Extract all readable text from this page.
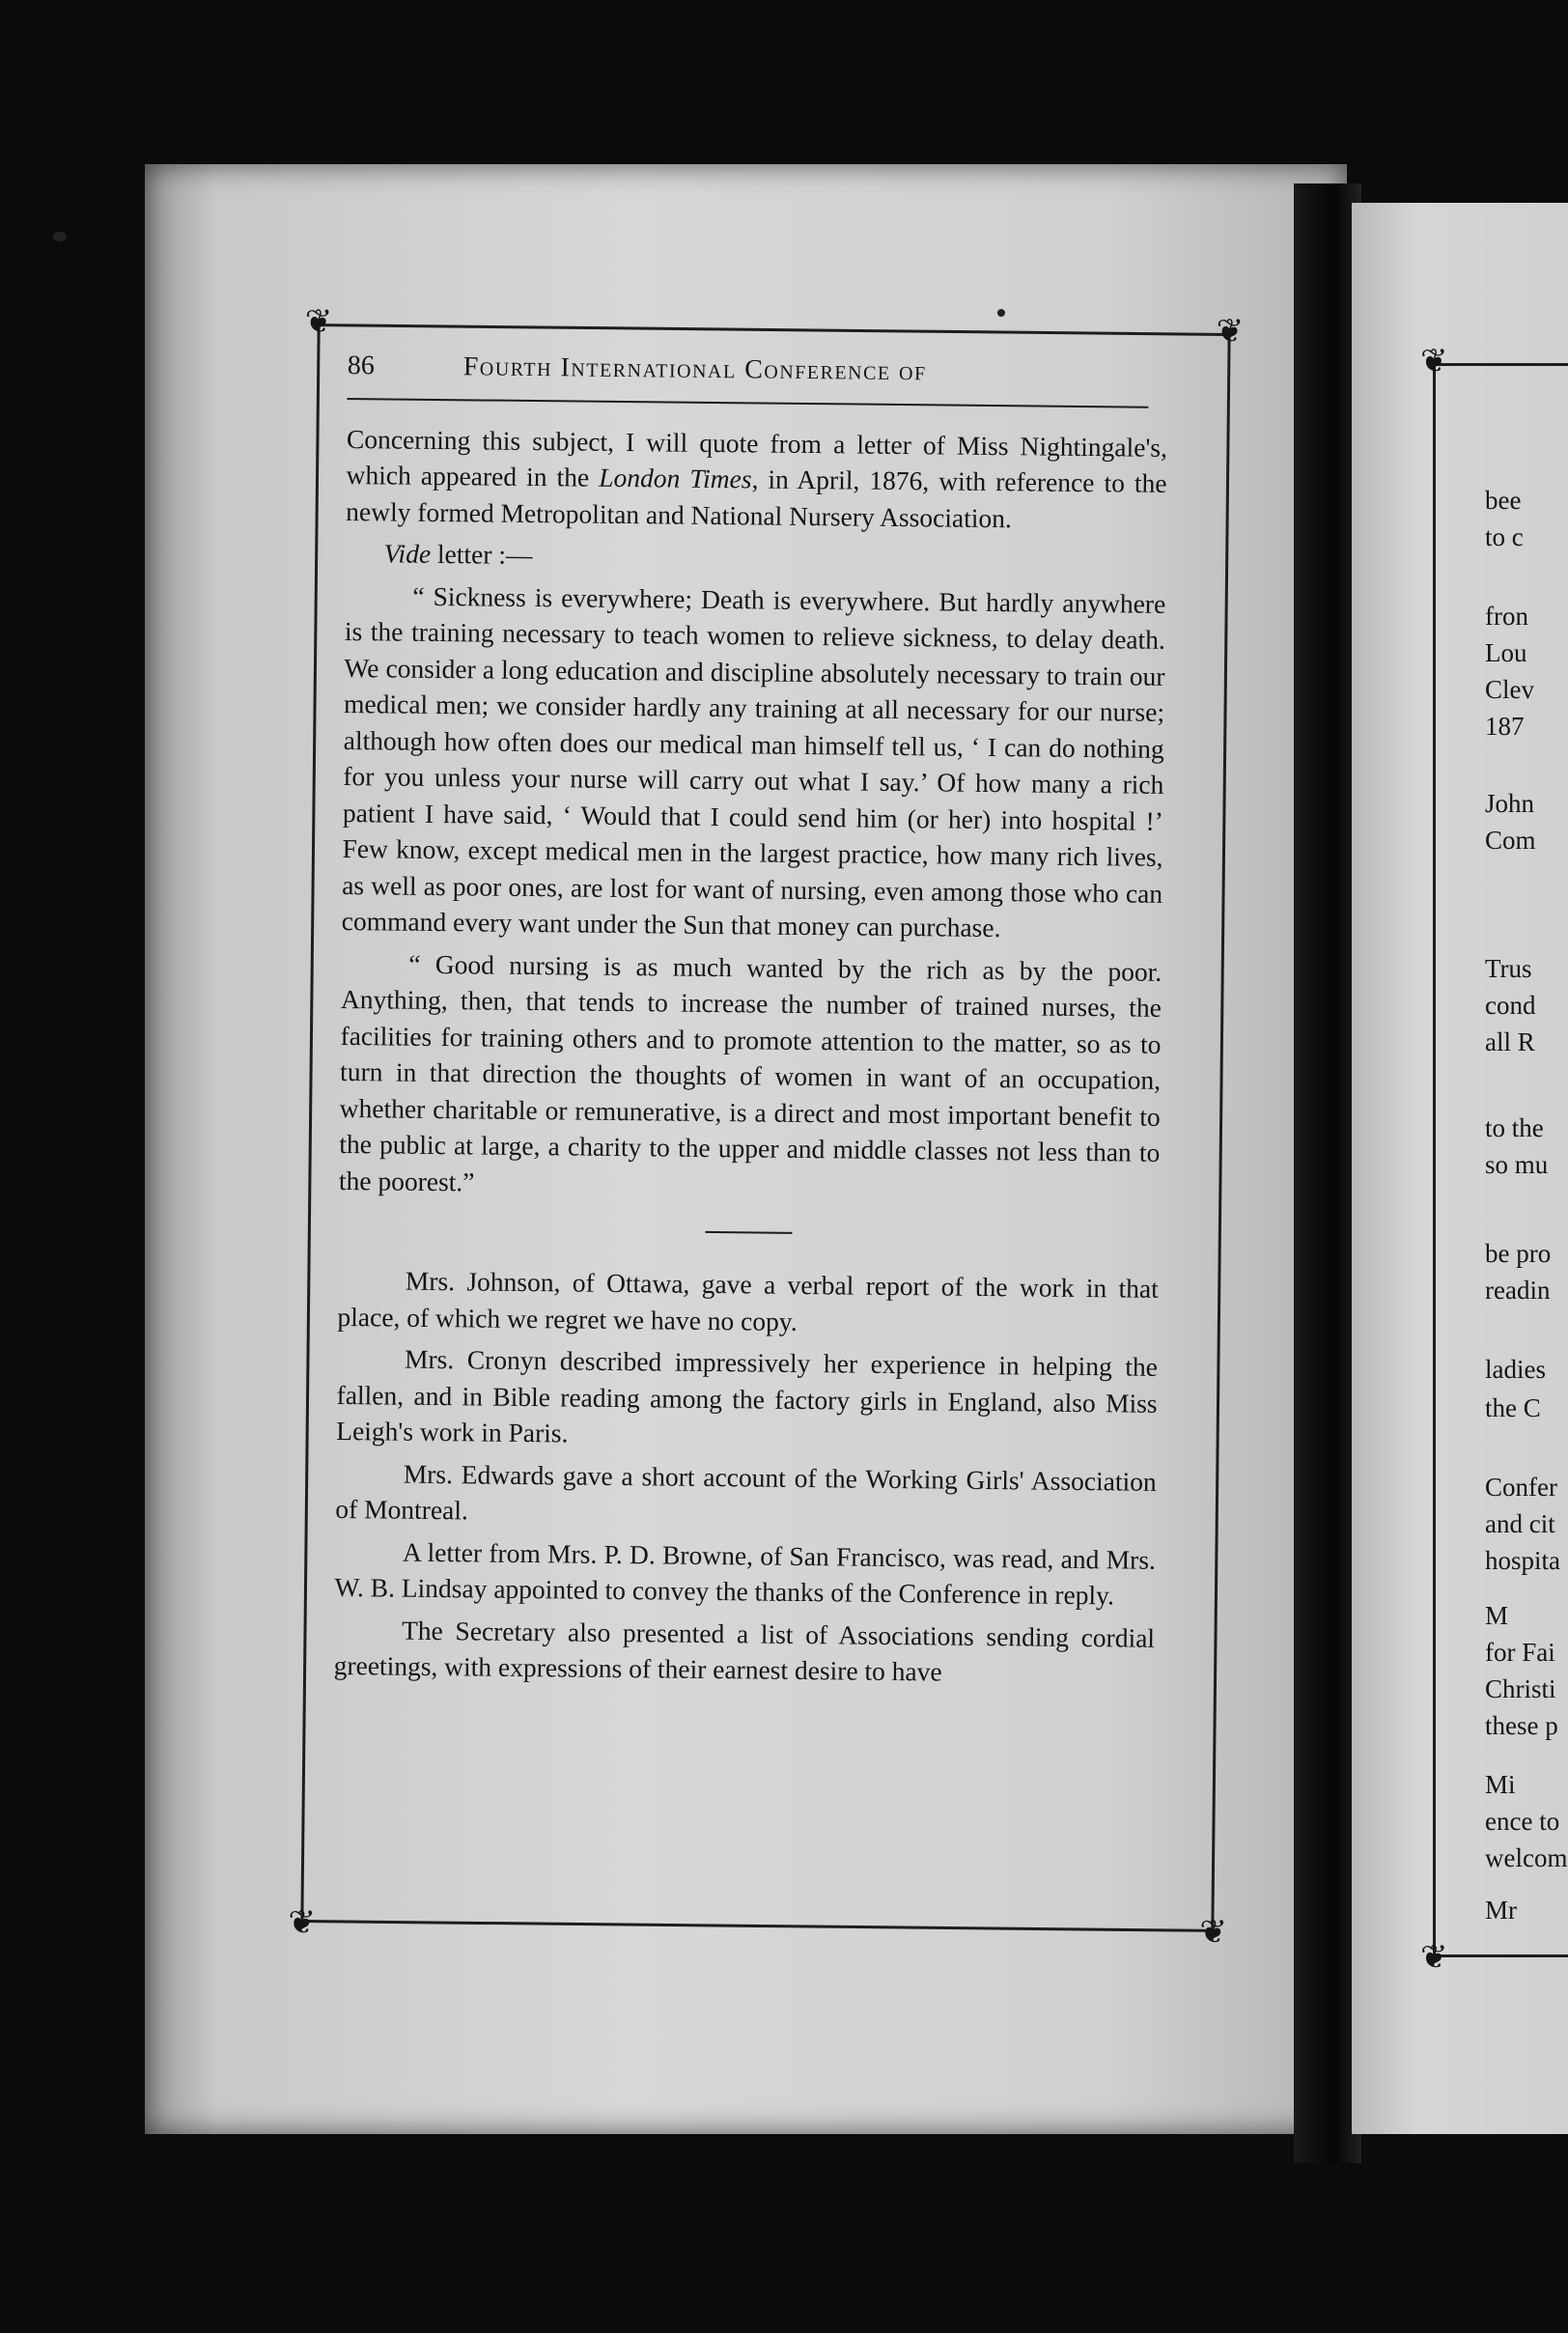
❦	❦
❦	❦
❦
❦
86	Fourth International Conference of

Concerning this subject, I will quote from a letter of Miss Nightingale's, which appeared in the London Times, in April, 1876, with reference to the newly formed Metropolitan and National Nursery Association.

Vide letter :—

“ Sickness is everywhere; Death is everywhere. But hardly anywhere is the training necessary to teach women to relieve sickness, to delay death. We consider a long education and discipline absolutely necessary to train our medical men; we consider hardly any training at all necessary for our nurse; although how often does our medical man himself tell us, ‘ I can do nothing for you unless your nurse will carry out what I say.’ Of how many a rich patient I have said, ‘ Would that I could send him (or her) into hospital !’ Few know, except medical men in the largest practice, how many rich lives, as well as poor ones, are lost for want of nursing, even among those who can command every want under the Sun that money can purchase.

“ Good nursing is as much wanted by the rich as by the poor. Anything, then, that tends to increase the number of trained nurses, the facilities for training others and to promote attention to the matter, so as to turn in that direction the thoughts of women in want of an occupation, whether charitable or remunerative, is a direct and most important benefit to the public at large, a charity to the upper and middle classes not less than to the poorest.”

Mrs. Johnson, of Ottawa, gave a verbal report of the work in that place, of which we regret we have no copy.

Mrs. Cronyn described impressively her experience in helping the fallen, and in Bible reading among the factory girls in England, also Miss Leigh's work in Paris.

Mrs. Edwards gave a short account of the Working Girls' Association of Montreal.

A letter from Mrs. P. D. Browne, of San Francisco, was read, and Mrs. W. B. Lindsay appointed to convey the thanks of the Conference in reply.

The Secretary also presented a list of Associations sending cordial greetings, with expressions of their earnest desire to have

bee
to c
fron
Lou
Clev
187
John
Com
Trus
cond
all R
to the
so mu
be pro
readin
ladies
the C
Confer
and cit
hospita
M
for Fai
Christi
these p
Mi
ence to
welcom
Mr
